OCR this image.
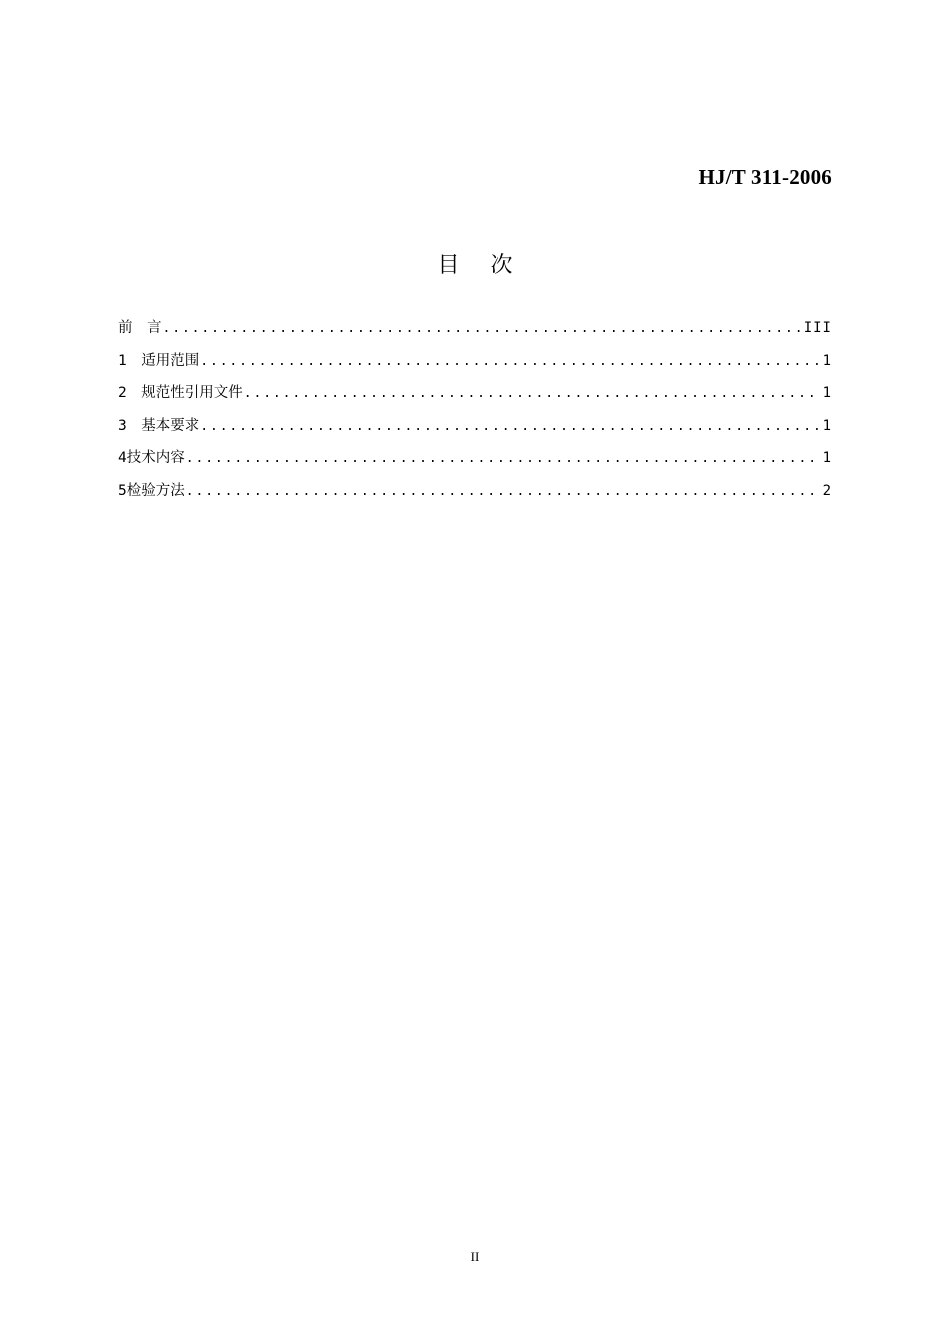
HJ/T 311-2006
目 次
前　言 .....	III
1　 适用范围 .....	1
2　 规范性引用文件 .....	1
3　 基本要求 .....	1
4 技术内容 .....	1
5 检验方法 .....	2
II
